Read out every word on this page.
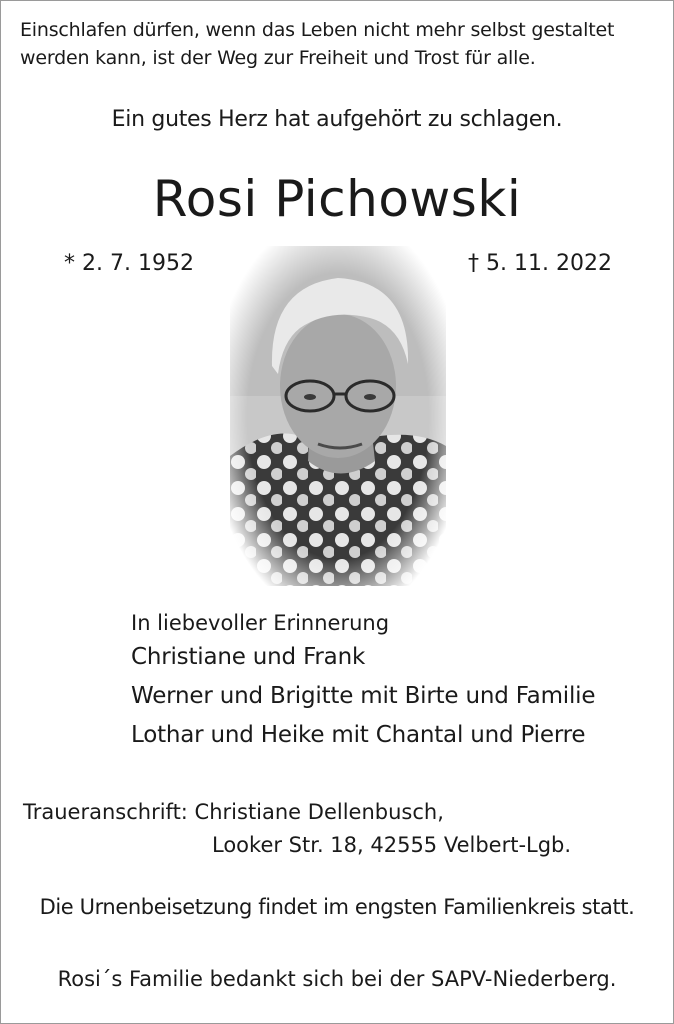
Einschlafen dürfen, wenn das Leben nicht mehr selbst gestaltet
werden kann, ist der Weg zur Freiheit und Trost für alle.
Ein gutes Herz hat aufgehört zu schlagen.
Rosi Pichowski
* 2. 7. 1952	† 5. 11. 2022
In liebevoller Erinnerung
Christiane und Frank
Werner und Brigitte mit Birte und Familie
Lothar und Heike mit Chantal und Pierre
Traueranschrift: Christiane Dellenbusch,
Looker Str. 18, 42555 Velbert-Lgb.
Die Urnenbeisetzung findet im engsten Familienkreis statt.
Rosi´s Familie bedankt sich bei der SAPV-Niederberg.
